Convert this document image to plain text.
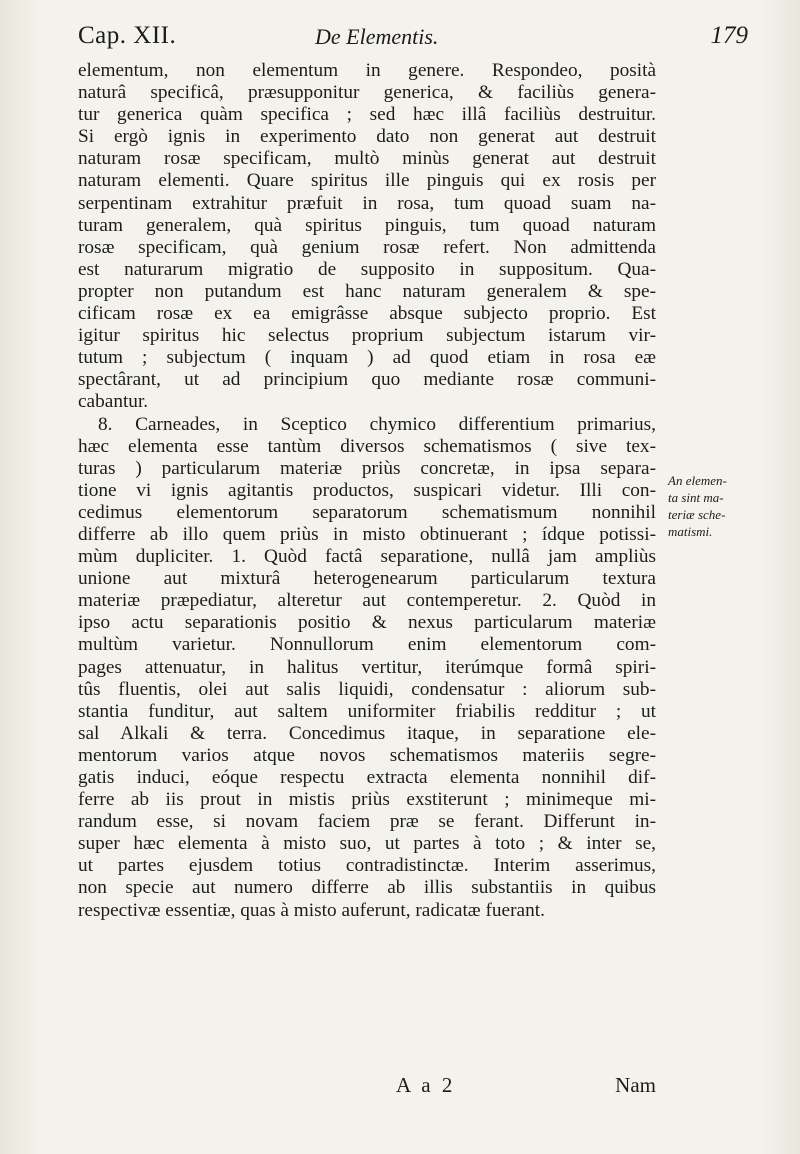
Cap. XII.	De Elementis.	179
elementum, non elementum in genere. Respondeo, posità
naturâ specificâ, præsupponitur generica, & faciliùs genera-
tur generica quàm specifica ; sed hæc illâ faciliùs destruitur.
Si ergò ignis in experimento dato non generat aut destruit
naturam rosæ specificam, multò minùs generat aut destruit
naturam elementi. Quare spiritus ille pinguis qui ex rosis per
serpentinam extrahitur præfuit in rosa, tum quoad suam na-
turam generalem, quà spiritus pinguis, tum quoad naturam
rosæ specificam, quà genium rosæ refert. Non admittenda
est naturarum migratio de supposito in suppositum. Qua-
propter non putandum est hanc naturam generalem & spe-
cificam rosæ ex ea emigrâsse absque subjecto proprio. Est
igitur spiritus hic selectus proprium subjectum istarum vir-
tutum ; subjectum ( inquam ) ad quod etiam in rosa eæ
spectârant, ut ad principium quo mediante rosæ communi-
cabantur.
8. Carneades, in Sceptico chymico differentium primarius,
hæc elementa esse tantùm diversos schematismos ( sive tex-
turas ) particularum materiæ priùs concretæ, in ipsa separa-
tione vi ignis agitantis productos, suspicari videtur. Illi con-
cedimus elementorum separatorum schematismum nonnihil
differre ab illo quem priùs in misto obtinuerant ; ídque potissi-
mùm dupliciter. 1. Quòd factâ separatione, nullâ jam ampliùs
unione aut mixturâ heterogenearum particularum textura
materiæ præpediatur, alteretur aut contemperetur. 2. Quòd in
ipso actu separationis positio & nexus particularum materiæ
multùm varietur. Nonnullorum enim elementorum com-
pages attenuatur, in halitus vertitur, iterúmque formâ spiri-
tûs fluentis, olei aut salis liquidi, condensatur : aliorum sub-
stantia funditur, aut saltem uniformiter friabilis redditur ; ut
sal Alkali & terra. Concedimus itaque, in separatione ele-
mentorum varios atque novos schematismos materiis segre-
gatis induci, eóque respectu extracta elementa nonnihil dif-
ferre ab iis prout in mistis priùs exstiterunt ; minimeque mi-
randum esse, si novam faciem præ se ferant. Differunt in-
super hæc elementa à misto suo, ut partes à toto ; & inter se,
ut partes ejusdem totius contradistinctæ. Interim asserimus,
non specie aut numero differre ab illis substantiis in quibus
respectivæ essentiæ, quas à misto auferunt, radicatæ fuerant.
An elemen-
ta sint ma-
teriæ sche-
matismi.
A a 2	Nam
